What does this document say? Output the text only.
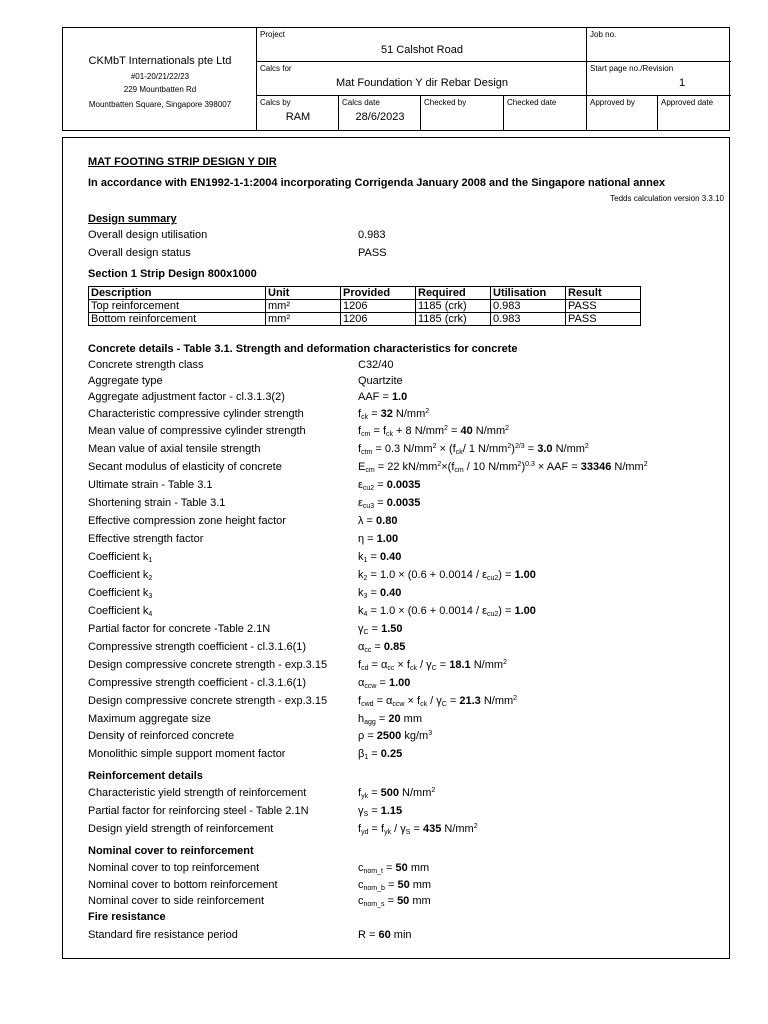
CKMbT Internationals pte Ltd
#01-20/21/22/23
229 Mountbatten Rd
Mountbatten Square, Singapore 398007
Project
51 Calshot Road
Job no.
Calcs for
Mat Foundation Y dir Rebar Design
Start page no./Revision
1
Calcs by
RAM
Calcs date
28/6/2023
Checked by	Checked date	Approved by	Approved date
MAT FOOTING STRIP DESIGN Y DIR
In accordance with EN1992-1-1:2004 incorporating Corrigenda January 2008 and the Singapore national annex
Tedds calculation version 3.3.10
Design summary
Overall design utilisation	0.983
Overall design status	PASS
Section 1 Strip Design 800x1000
Description	Unit	Provided	Required	Utilisation	Result
Top reinforcement	mm²	1206	1185 (crk)	0.983	PASS
Bottom reinforcement	mm²	1206	1185 (crk)	0.983	PASS
Concrete details - Table 3.1. Strength and deformation characteristics for concrete
Concrete strength class	C32/40
Aggregate type	Quartzite
Aggregate adjustment factor - cl.3.1.3(2)	AAF = 1.0
Characteristic compressive cylinder strength	$f_{ck} = 32$ $N/mm^2$
Mean value of compressive cylinder strength	$f_{cm} = f_{ck} + 8$ $N/mm^2 = 40$ $N/mm^2$
Mean value of axial tensile strength	$f_{ctm} = 0.3$ $N/mm^2 \times (f_{ck}/$ 1 $N/mm^2)^{2/3} = 3.0$ $N/mm^2$
Secant modulus of elasticity of concrete	$E_{cm} = 22$ $kN/mm^2\times(f_{cm} / 10$ $N/mm^2)^{0.3}$ × AAF = 33346 $N/mm^2$
Ultimate strain - Table 3.1	$\varepsilon_{cu2} = 0.0035$
Shortening strain - Table 3.1	$\varepsilon_{cu3} = 0.0035$
Effective compression zone height factor	λ = 0.80
Effective strength factor	η = 1.00
Coefficient $k_1$	$k_1 = 0.40$
Coefficient $k_2$	$k_2 = 1.0 \times (0.6 + 0.0014 / \varepsilon_{cu2}) = 1.00$
Coefficient $k_3$	$k_3 = 0.40$
Coefficient $k_4$	$k_4 = 1.0 \times (0.6 + 0.0014 / \varepsilon_{cu2}) = 1.00$
Partial factor for concrete -Table 2.1N	$\gamma_C = 1.50$
Compressive strength coefficient - cl.3.1.6(1)	$\alpha_{cc} = 0.85$
Design compressive concrete strength - exp.3.15	$f_{cd} = \alpha_{cc} \times f_{ck} / \gamma_C = 18.1$ $N/mm^2$
Compressive strength coefficient - cl.3.1.6(1)	$\alpha_{ccw} = 1.00$
Design compressive concrete strength - exp.3.15	$f_{cwd} = \alpha_{ccw} \times f_{ck} / \gamma_C = 21.3$ $N/mm^2$
Maximum aggregate size	$h_{agg} = 20$ mm
Density of reinforced concrete	ρ = 2500 $kg/m^3$
Monolithic simple support moment factor	$\beta_1 = 0.25$
Reinforcement details
Characteristic yield strength of reinforcement	$f_{yk} = 500$ $N/mm^2$
Partial factor for reinforcing steel - Table 2.1N	$\gamma_S = 1.15$
Design yield strength of reinforcement	$f_{yd} = f_{yk} / \gamma_S = 435$ $N/mm^2$
Nominal cover to reinforcement
Nominal cover to top reinforcement	$c_{nom\_t} = 50$ mm
Nominal cover to bottom reinforcement	$c_{nom\_b} = 50$ mm
Nominal cover to side reinforcement	$c_{nom\_s} = 50$ mm
Fire resistance
Standard fire resistance period	R = 60 min
